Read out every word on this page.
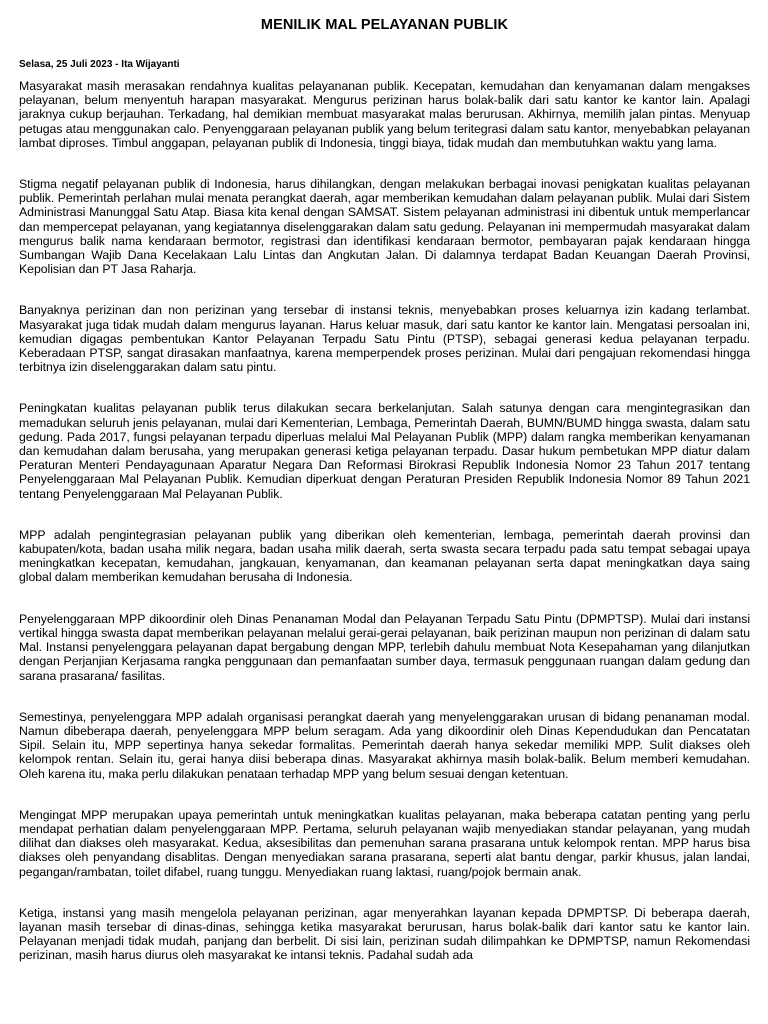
MENILIK MAL PELAYANAN PUBLIK
Selasa, 25 Juli 2023 - Ita Wijayanti

Masyarakat masih merasakan rendahnya kualitas pelayananan publik. Kecepatan, kemudahan dan kenyamanan dalam mengakses pelayanan, belum menyentuh harapan masyarakat. Mengurus perizinan harus bolak-balik dari satu kantor ke kantor lain. Apalagi jaraknya cukup berjauhan. Terkadang, hal demikian membuat masyarakat malas berurusan. Akhirnya, memilih jalan pintas. Menyuap petugas atau menggunakan calo. Penyenggaraan pelayanan publik yang belum teritegrasi dalam satu kantor, menyebabkan pelayanan lambat diproses. Timbul anggapan, pelayanan publik di Indonesia, tinggi biaya, tidak mudah dan membutuhkan waktu yang lama.

Stigma negatif pelayanan publik di Indonesia, harus dihilangkan, dengan melakukan berbagai inovasi penigkatan kualitas pelayanan publik. Pemerintah perlahan mulai menata perangkat daerah, agar memberikan kemudahan dalam pelayanan publik. Mulai dari Sistem Administrasi Manunggal Satu Atap. Biasa kita kenal dengan SAMSAT. Sistem pelayanan administrasi ini dibentuk untuk memperlancar dan mempercepat pelayanan, yang kegiatannya diselenggarakan dalam satu gedung. Pelayanan ini mempermudah masyarakat dalam mengurus balik nama kendaraan bermotor, registrasi dan identifikasi kendaraan bermotor, pembayaran pajak kendaraan hingga Sumbangan Wajib Dana Kecelakaan Lalu Lintas dan Angkutan Jalan. Di dalamnya terdapat Badan Keuangan Daerah Provinsi, Kepolisian dan PT Jasa Raharja.

Banyaknya perizinan dan non perizinan yang tersebar di instansi teknis, menyebabkan proses keluarnya izin kadang terlambat. Masyarakat juga tidak mudah dalam mengurus layanan. Harus keluar masuk, dari satu kantor ke kantor lain. Mengatasi persoalan ini, kemudian digagas pembentukan Kantor Pelayanan Terpadu Satu Pintu (PTSP), sebagai generasi kedua pelayanan terpadu. Keberadaan PTSP, sangat dirasakan manfaatnya, karena memperpendek proses perizinan. Mulai dari pengajuan rekomendasi hingga terbitnya izin diselenggarakan dalam satu pintu.

Peningkatan kualitas pelayanan publik terus dilakukan secara berkelanjutan. Salah satunya dengan cara mengintegrasikan dan memadukan seluruh jenis pelayanan, mulai dari Kementerian, Lembaga, Pemerintah Daerah, BUMN/BUMD hingga swasta, dalam satu gedung. Pada 2017, fungsi pelayanan terpadu diperluas melalui Mal Pelayanan Publik (MPP) dalam rangka memberikan kenyamanan dan kemudahan dalam berusaha, yang merupakan generasi ketiga pelayanan terpadu. Dasar hukum pembetukan MPP diatur dalam Peraturan Menteri Pendayagunaan Aparatur Negara Dan Reformasi Birokrasi Republik Indonesia Nomor 23 Tahun 2017 tentang Penyelenggaraan Mal Pelayanan Publik. Kemudian diperkuat dengan Peraturan Presiden Republik Indonesia Nomor 89 Tahun 2021 tentang Penyelenggaraan Mal Pelayanan Publik.

MPP adalah pengintegrasian pelayanan publik yang diberikan oleh kementerian, lembaga, pemerintah daerah provinsi dan kabupaten/kota, badan usaha milik negara, badan usaha milik daerah, serta swasta secara terpadu pada satu tempat sebagai upaya meningkatkan kecepatan, kemudahan, jangkauan, kenyamanan, dan keamanan pelayanan serta dapat meningkatkan daya saing global dalam memberikan kemudahan berusaha di Indonesia.

Penyelenggaraan MPP dikoordinir oleh Dinas Penanaman Modal dan Pelayanan Terpadu Satu Pintu (DPMPTSP). Mulai dari instansi vertikal hingga swasta dapat memberikan pelayanan melalui gerai-gerai pelayanan, baik perizinan maupun non perizinan di dalam satu Mal. Instansi penyelenggara pelayanan dapat bergabung dengan MPP, terlebih dahulu membuat Nota Kesepahaman yang dilanjutkan dengan Perjanjian Kerjasama rangka penggunaan dan pemanfaatan sumber daya, termasuk penggunaan ruangan dalam gedung dan sarana prasarana/ fasilitas.

Semestinya, penyelenggara MPP adalah organisasi perangkat daerah yang menyelenggarakan urusan di bidang penanaman modal. Namun dibeberapa daerah, penyelenggara MPP belum seragam. Ada yang dikoordinir oleh Dinas Kependudukan dan Pencatatan Sipil. Selain itu, MPP sepertinya hanya sekedar formalitas. Pemerintah daerah hanya sekedar memiliki MPP. Sulit diakses oleh kelompok rentan. Selain itu, gerai hanya diisi beberapa dinas. Masyarakat akhirnya masih bolak-balik. Belum memberi kemudahan. Oleh karena itu, maka perlu dilakukan penataan terhadap MPP yang belum sesuai dengan ketentuan.

Mengingat MPP merupakan upaya pemerintah untuk meningkatkan kualitas pelayanan, maka beberapa catatan penting yang perlu mendapat perhatian dalam penyelenggaraan MPP. Pertama, seluruh pelayanan wajib menyediakan standar pelayanan, yang mudah dilihat dan diakses oleh masyarakat. Kedua, aksesibilitas dan pemenuhan sarana prasarana untuk kelompok rentan. MPP harus bisa diakses oleh penyandang disablitas. Dengan menyediakan sarana prasarana, seperti alat bantu dengar, parkir khusus, jalan landai, pegangan/rambatan, toilet difabel, ruang tunggu. Menyediakan ruang laktasi, ruang/pojok bermain anak.

Ketiga, instansi yang masih mengelola pelayanan perizinan, agar menyerahkan layanan kepada DPMPTSP. Di beberapa daerah, layanan masih tersebar di dinas-dinas, sehingga ketika masyarakat berurusan, harus bolak-balik dari kantor satu ke kantor lain. Pelayanan menjadi tidak mudah, panjang dan berbelit. Di sisi lain, perizinan sudah dilimpahkan ke DPMPTSP, namun Rekomendasi perizinan, masih harus diurus oleh masyarakat ke intansi teknis. Padahal sudah ada
